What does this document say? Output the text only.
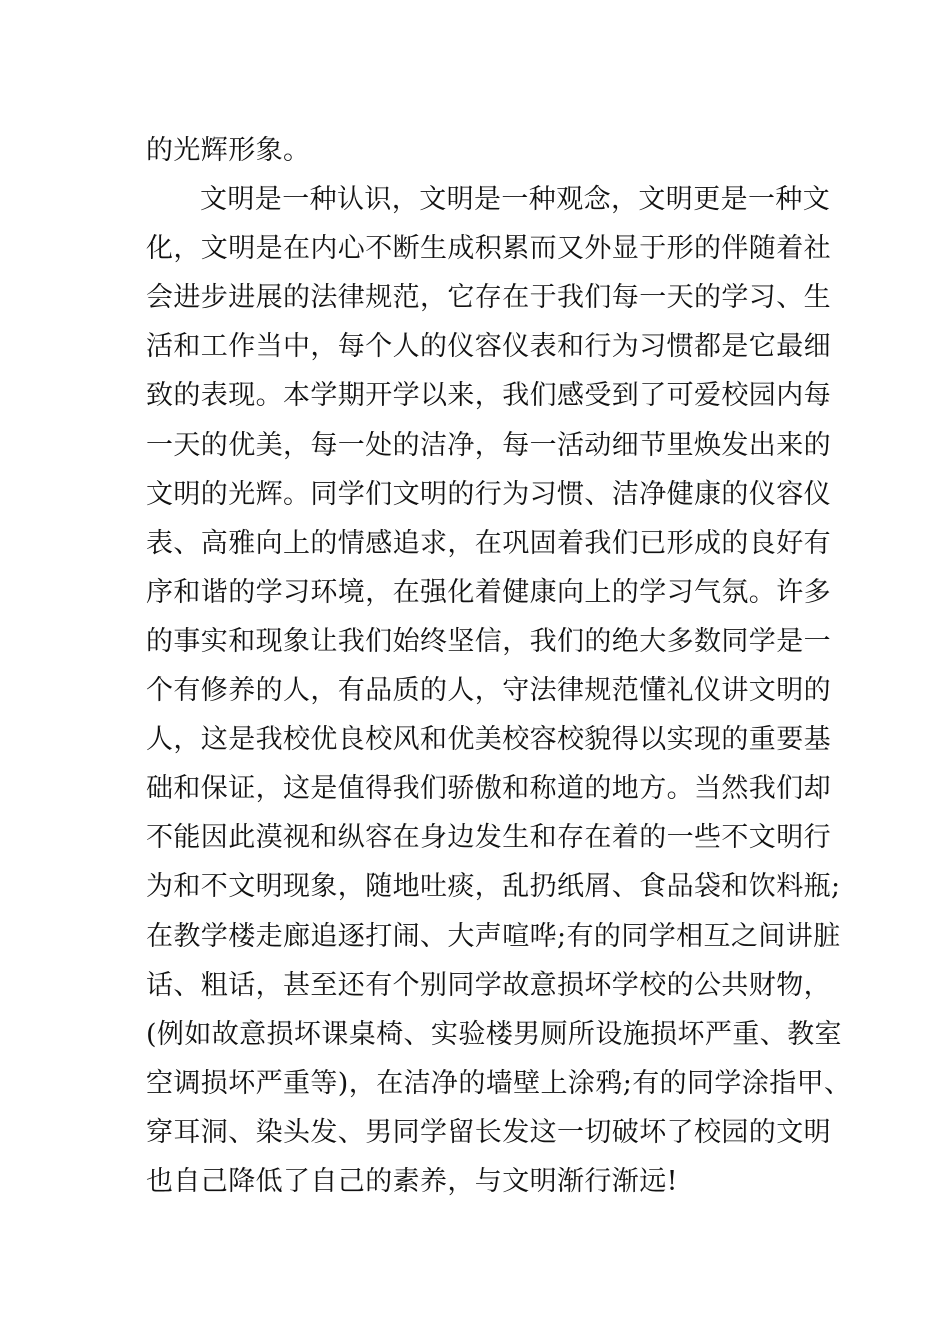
的光辉形象。
文明是一种认识，文明是一种观念，文明更是一种文
化，文明是在内心不断生成积累而又外显于形的伴随着社
会进步进展的法律规范，它存在于我们每一天的学习、生
活和工作当中，每个人的仪容仪表和行为习惯都是它最细
致的表现。本学期开学以来，我们感受到了可爱校园内每
一天的优美，每一处的洁净，每一活动细节里焕发出来的
文明的光辉。同学们文明的行为习惯、洁净健康的仪容仪
表、高雅向上的情感追求，在巩固着我们已形成的良好有
序和谐的学习环境，在强化着健康向上的学习气氛。许多
的事实和现象让我们始终坚信，我们的绝大多数同学是一
个有修养的人，有品质的人，守法律规范懂礼仪讲文明的
人，这是我校优良校风和优美校容校貌得以实现的重要基
础和保证，这是值得我们骄傲和称道的地方。当然我们却
不能因此漠视和纵容在身边发生和存在着的一些不文明行
为和不文明现象，随地吐痰，乱扔纸屑、食品袋和饮料瓶;
在教学楼走廊追逐打闹、大声喧哗;有的同学相互之间讲脏
话、粗话，甚至还有个别同学故意损坏学校的公共财物，
(例如故意损坏课桌椅、实验楼男厕所设施损坏严重、教室
空调损坏严重等)，在洁净的墙壁上涂鸦;有的同学涂指甲、
穿耳洞、染头发、男同学留长发这一切破坏了校园的文明
也自己降低了自己的素养，与文明渐行渐远!
